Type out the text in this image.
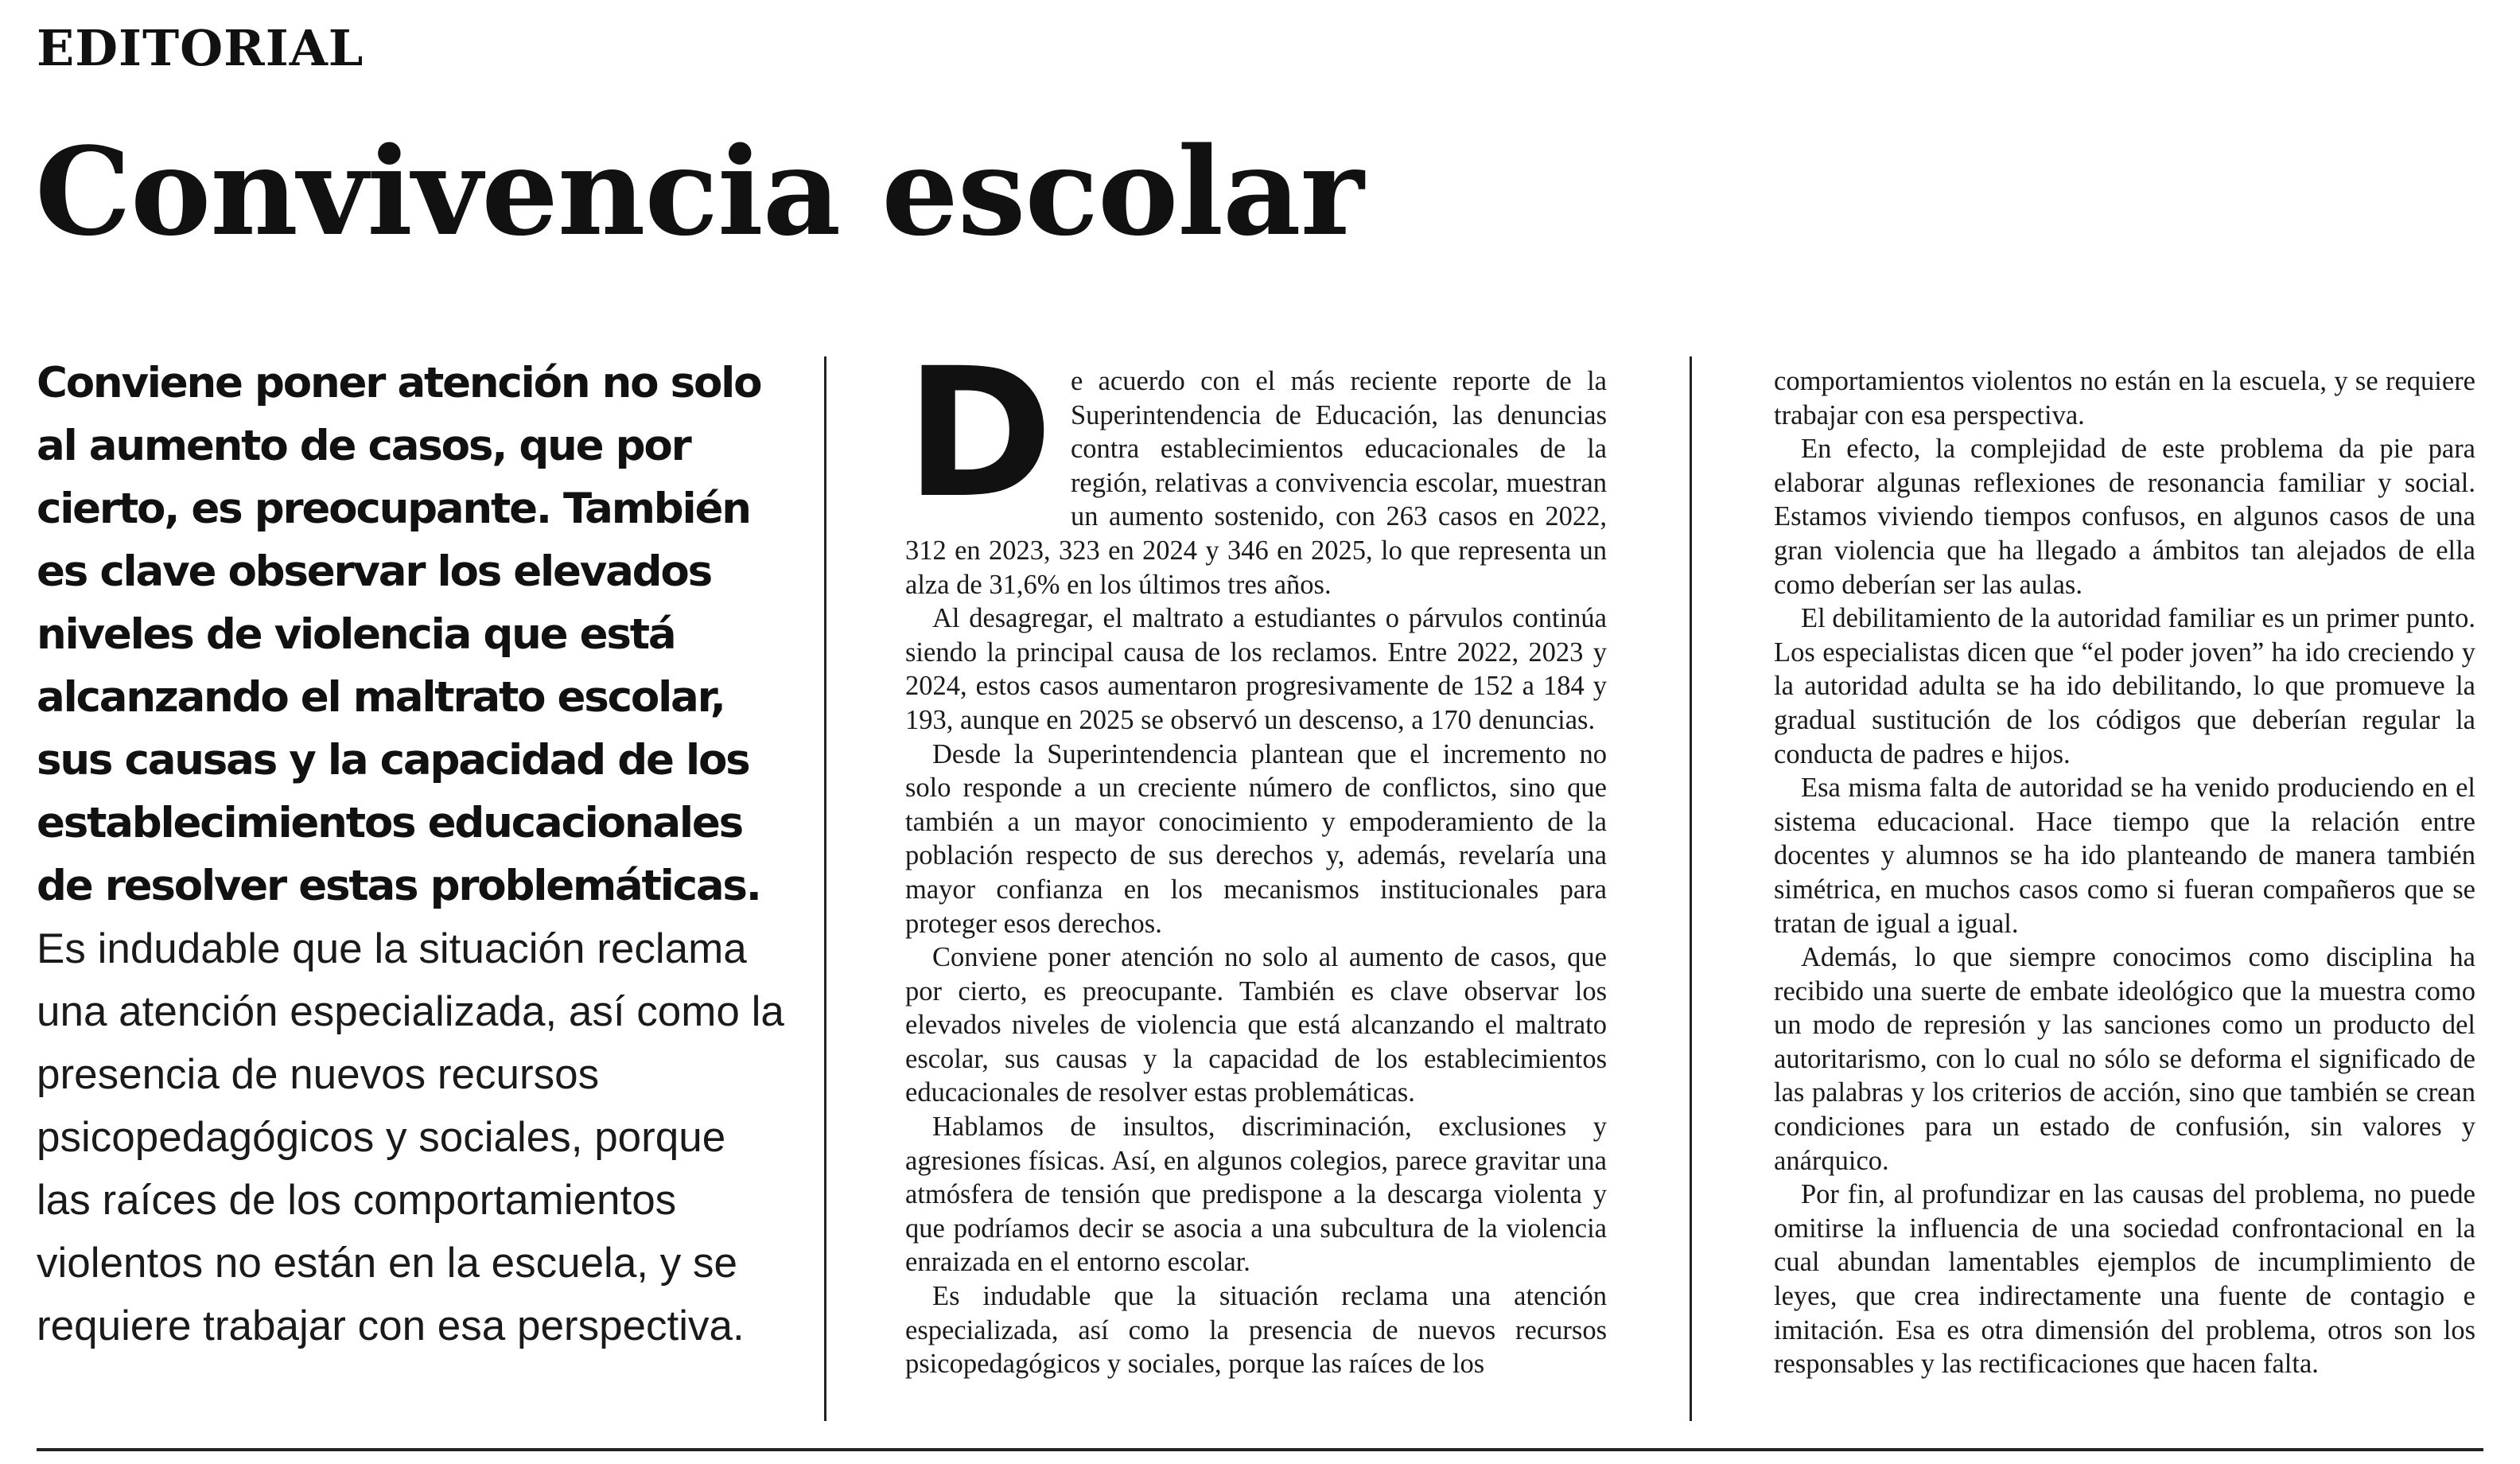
EDITORIAL
Convivencia escolar

Conviene poner atención no solo al aumento de casos, que por cierto, es preocupante. También es clave observar los elevados niveles de violencia que está alcanzando el maltrato escolar, sus causas y la capacidad de los establecimientos educacionales de resolver estas problemáticas.

Es indudable que la situación reclama una atención especializada, así como la presencia de nuevos recursos psicopedagógicos y sociales, porque las raíces de los comportamientos violentos no están en la escuela, y se requiere trabajar con esa perspectiva.

D e acuerdo con el más reciente reporte de la Superintendencia de Educación, las denuncias contra establecimientos educacionales de la región, relativas a convivencia escolar, muestran un aumento sostenido, con 263 casos en 2022, 312 en 2023, 323 en 2024 y 346 en 2025, lo que representa un alza de 31,6% en los últimos tres años.

Al desagregar, el maltrato a estudiantes o párvulos continúa siendo la principal causa de los reclamos. Entre 2022, 2023 y 2024, estos casos aumentaron progresivamente de 152 a 184 y 193, aunque en 2025 se observó un descenso, a 170 denuncias.

Desde la Superintendencia plantean que el incremento no solo responde a un creciente número de conflictos, sino que también a un mayor conocimiento y empoderamiento de la población respecto de sus derechos y, además, revelaría una mayor confianza en los mecanismos institucionales para proteger esos derechos.

Conviene poner atención no solo al aumento de casos, que por cierto, es preocupante. También es clave observar los elevados niveles de violencia que está alcanzando el maltrato escolar, sus causas y la capacidad de los establecimientos educacionales de resolver estas problemáticas.

Hablamos de insultos, discriminación, exclusiones y agresiones físicas. Así, en algunos colegios, parece gravitar una atmósfera de tensión que predispone a la descarga violenta y que podríamos decir se asocia a una subcultura de la violencia enraizada en el entorno escolar.

Es indudable que la situación reclama una atención especializada, así como la presencia de nuevos recursos psicopedagógicos y sociales, porque las raíces de los

comportamientos violentos no están en la escuela, y se requiere trabajar con esa perspectiva.

En efecto, la complejidad de este problema da pie para elaborar algunas reflexiones de resonancia familiar y social. Estamos viviendo tiempos confusos, en algunos casos de una gran violencia que ha llegado a ámbitos tan alejados de ella como deberían ser las aulas.

El debilitamiento de la autoridad familiar es un primer punto. Los especialistas dicen que “el poder joven” ha ido creciendo y la autoridad adulta se ha ido debilitando, lo que promueve la gradual sustitución de los códigos que deberían regular la conducta de padres e hijos.

Esa misma falta de autoridad se ha venido produciendo en el sistema educacional. Hace tiempo que la relación entre docentes y alumnos se ha ido planteando de manera también simétrica, en muchos casos como si fueran compañeros que se tratan de igual a igual.

Además, lo que siempre conocimos como disciplina ha recibido una suerte de embate ideológico que la muestra como un modo de represión y las sanciones como un producto del autoritarismo, con lo cual no sólo se deforma el significado de las palabras y los criterios de acción, sino que también se crean condiciones para un estado de confusión, sin valores y anárquico.

Por fin, al profundizar en las causas del problema, no puede omitirse la influencia de una sociedad confrontacional en la cual abundan lamentables ejemplos de incumplimiento de leyes, que crea indirectamente una fuente de contagio e imitación. Esa es otra dimensión del problema, otros son los responsables y las rectificaciones que hacen falta.
